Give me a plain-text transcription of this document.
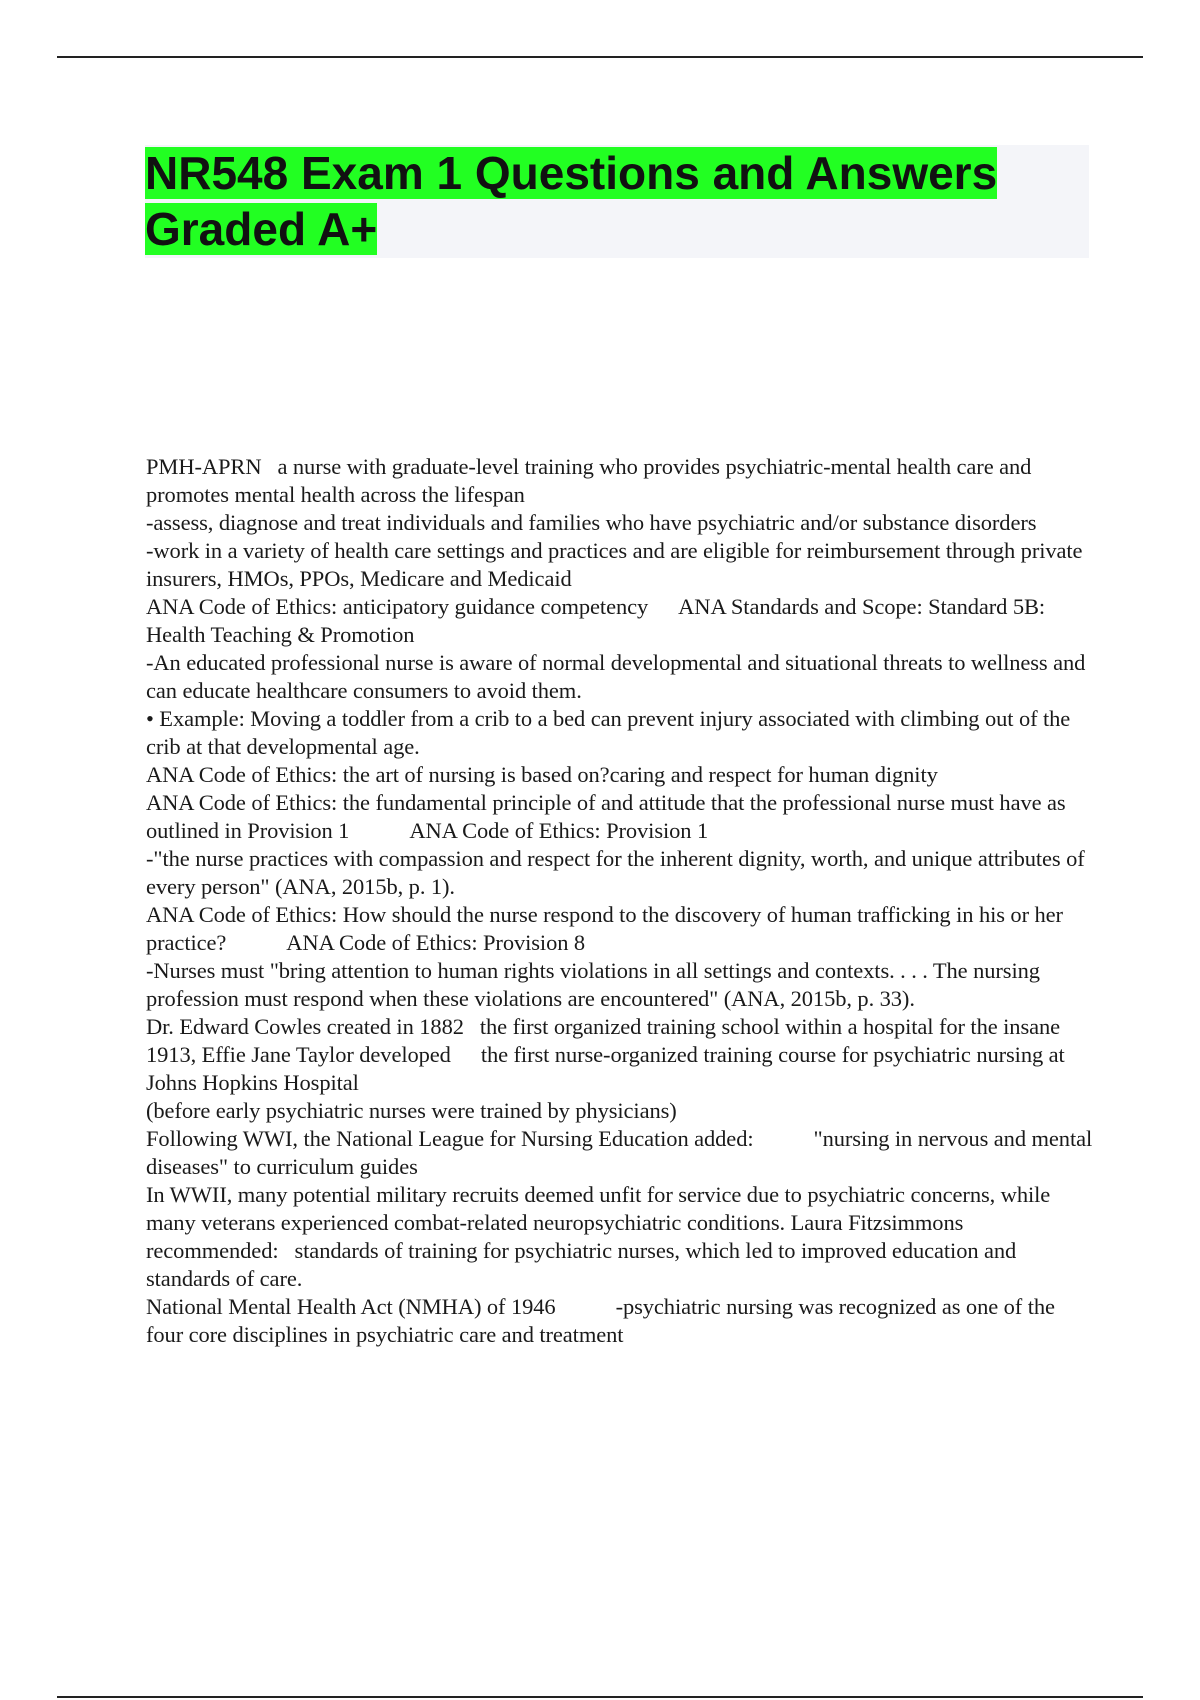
NR548 Exam 1 Questions and Answers Graded A+

PMH-APRN a nurse with graduate-level training who provides psychiatric-mental health care and promotes mental health across the lifespan

-assess, diagnose and treat individuals and families who have psychiatric and/or substance disorders

-work in a variety of health care settings and practices and are eligible for reimbursement through private insurers, HMOs, PPOs, Medicare and Medicaid

ANA Code of Ethics: anticipatory guidance competency ANA Standards and Scope: Standard 5B: Health Teaching & Promotion

-An educated professional nurse is aware of normal developmental and situational threats to wellness and can educate healthcare consumers to avoid them.

• Example: Moving a toddler from a crib to a bed can prevent injury associated with climbing out of the crib at that developmental age.

ANA Code of Ethics: the art of nursing is based on?caring and respect for human dignity

ANA Code of Ethics: the fundamental principle of and attitude that the professional nurse must have as outlined in Provision 1	ANA Code of Ethics: Provision 1

-"the nurse practices with compassion and respect for the inherent dignity, worth, and unique attributes of every person" (ANA, 2015b, p. 1).

ANA Code of Ethics: How should the nurse respond to the discovery of human trafficking in his or her practice?	ANA Code of Ethics: Provision 8

-Nurses must "bring attention to human rights violations in all settings and contexts. . . . The nursing profession must respond when these violations are encountered" (ANA, 2015b, p. 33).

Dr. Edward Cowles created in 1882 the first organized training school within a hospital for the insane

1913, Effie Jane Taylor developed the first nurse-organized training course for psychiatric nursing at Johns Hopkins Hospital

(before early psychiatric nurses were trained by physicians)

Following WWI, the National League for Nursing Education added:	"nursing in nervous and mental diseases" to curriculum guides

In WWII, many potential military recruits deemed unfit for service due to psychiatric concerns, while many veterans experienced combat-related neuropsychiatric conditions. Laura Fitzsimmons recommended: standards of training for psychiatric nurses, which led to improved education and standards of care.

National Mental Health Act (NMHA) of 1946	-psychiatric nursing was recognized as one of the four core disciplines in psychiatric care and treatment
